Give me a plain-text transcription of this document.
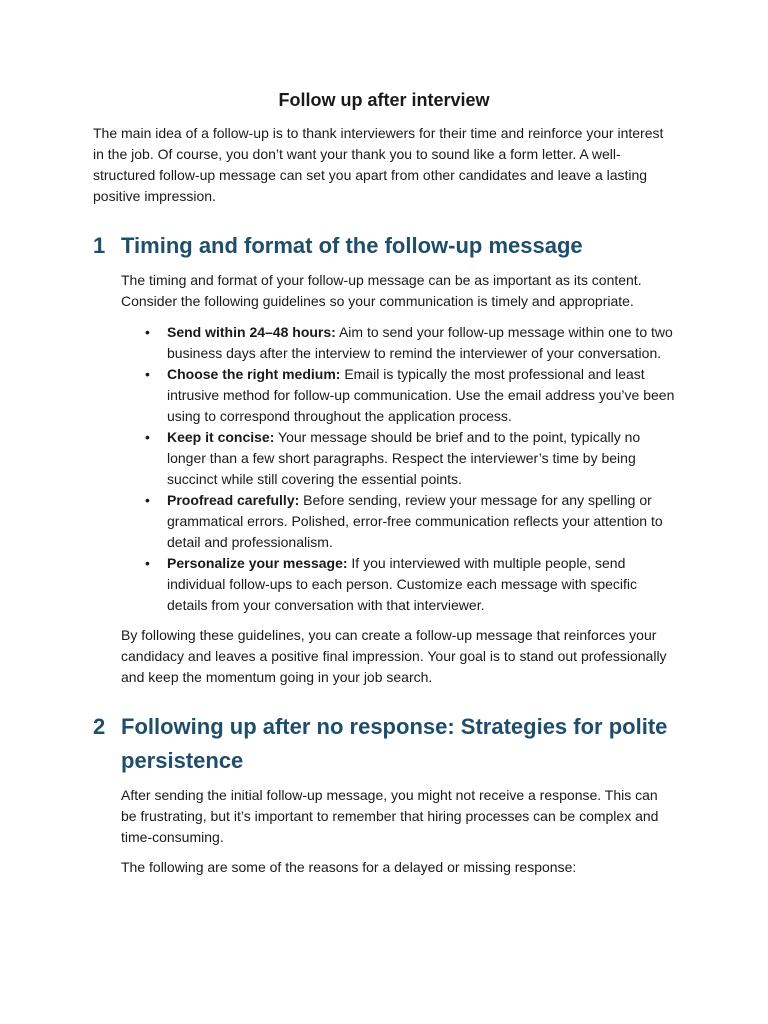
Follow up after interview

The main idea of a follow-up is to thank interviewers for their time and reinforce your interest in the job. Of course, you don’t want your thank you to sound like a form letter. A well-structured follow-up message can set you apart from other candidates and leave a lasting positive impression.

1 Timing and format of the follow-up message

The timing and format of your follow-up message can be as important as its content. Consider the following guidelines so your communication is timely and appropriate.

• Send within 24–48 hours: Aim to send your follow-up message within one to two business days after the interview to remind the interviewer of your conversation.
• Choose the right medium: Email is typically the most professional and least intrusive method for follow-up communication. Use the email address you’ve been using to correspond throughout the application process.
• Keep it concise: Your message should be brief and to the point, typically no longer than a few short paragraphs. Respect the interviewer’s time by being succinct while still covering the essential points.
• Proofread carefully: Before sending, review your message for any spelling or grammatical errors. Polished, error-free communication reflects your attention to detail and professionalism.
• Personalize your message: If you interviewed with multiple people, send individual follow-ups to each person. Customize each message with specific details from your conversation with that interviewer.

By following these guidelines, you can create a follow-up message that reinforces your candidacy and leaves a positive final impression. Your goal is to stand out professionally and keep the momentum going in your job search.

2 Following up after no response: Strategies for polite persistence

After sending the initial follow-up message, you might not receive a response. This can be frustrating, but it’s important to remember that hiring processes can be complex and time-consuming.

The following are some of the reasons for a delayed or missing response:
